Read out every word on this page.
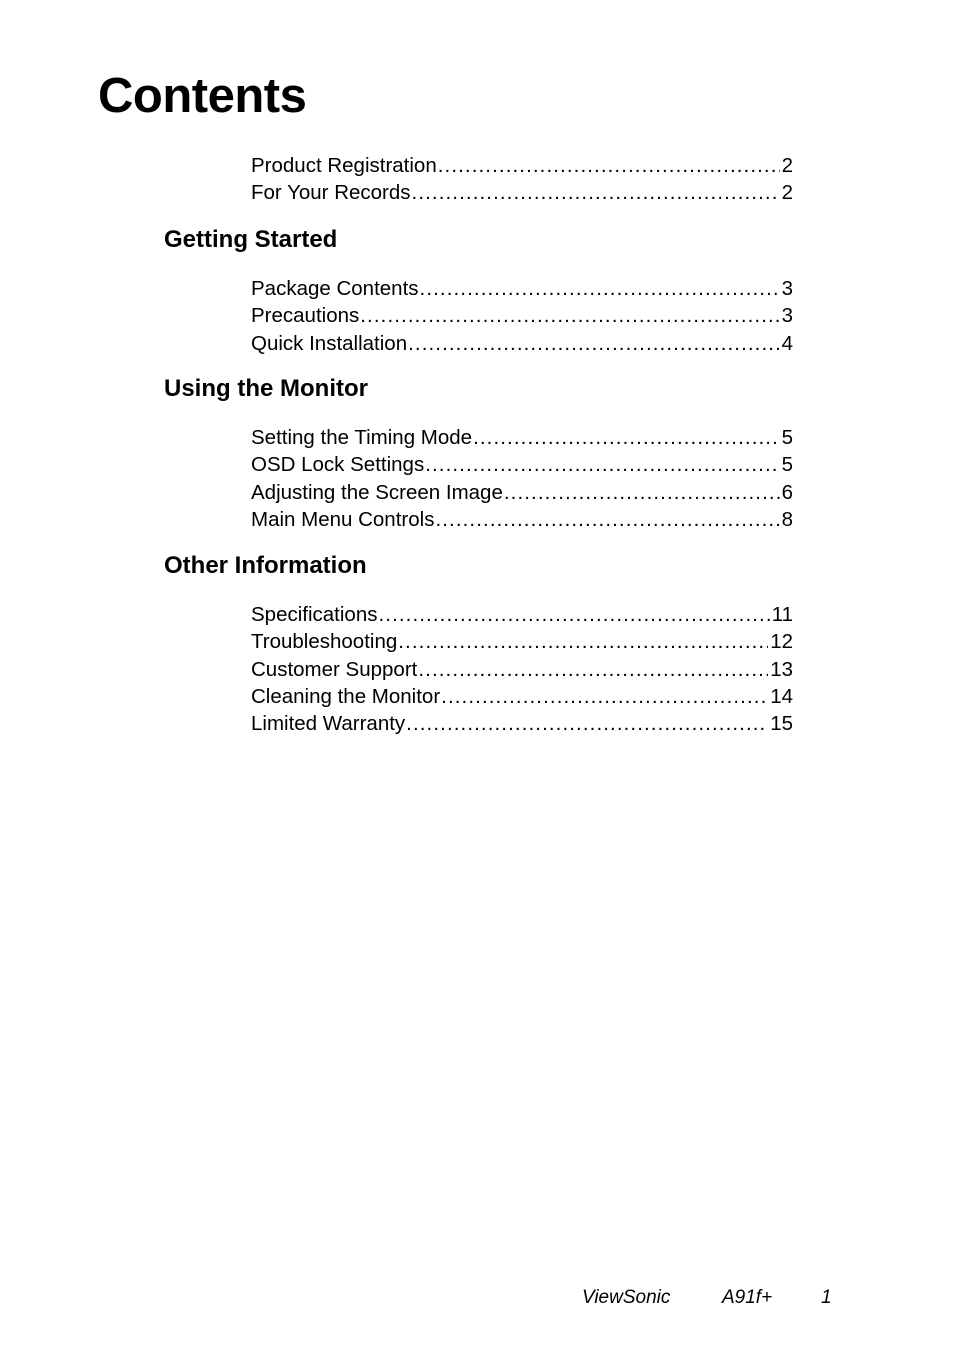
Contents
Product Registration .....	2
For Your Records .....	2
Getting Started
Package Contents .....	3
Precautions .....	3
Quick Installation .....	4
Using the Monitor
Setting the Timing Mode .....	5
OSD Lock Settings .....	5
Adjusting the Screen Image .....	6
Main Menu Controls .....	8
Other Information
Specifications .....	11
Troubleshooting .....	12
Customer Support .....	13
Cleaning the Monitor .....	14
Limited Warranty .....	15
ViewSonic	A91f+	1
